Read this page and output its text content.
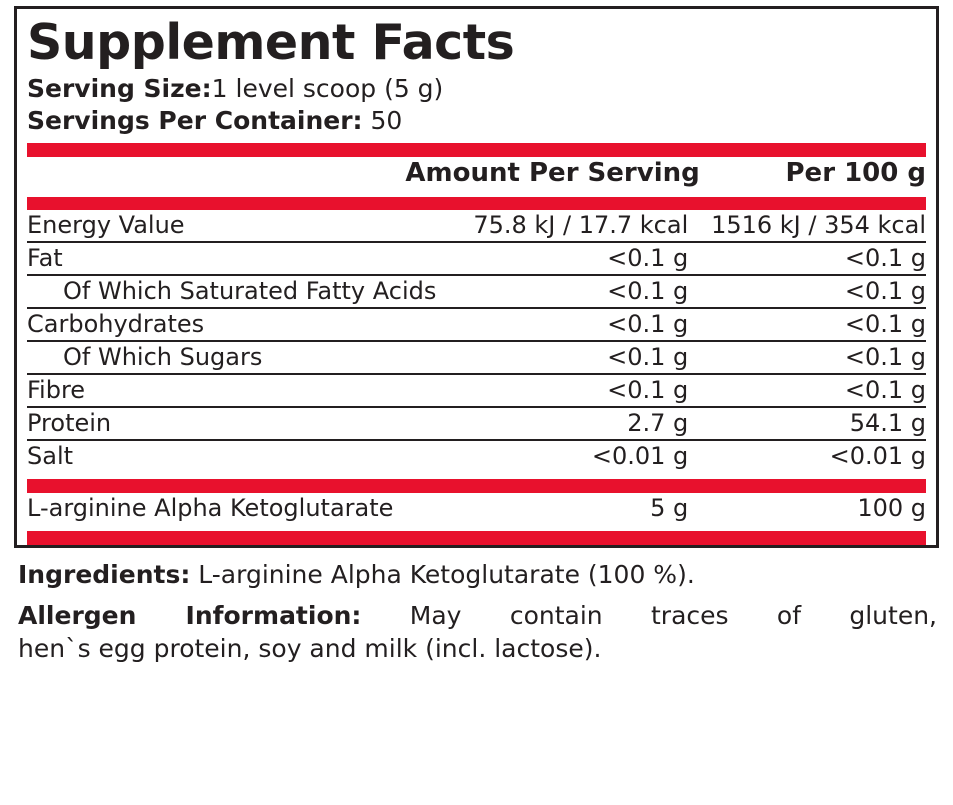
Supplement Facts
Serving Size:1 level scoop (5 g)
Servings Per Container: 50
	Amount Per Serving	Per 100 g
Energy Value	75.8 kJ / 17.7 kcal	1516 kJ / 354 kcal
Fat	<0.1 g	<0.1 g
Of Which Saturated Fatty Acids	<0.1 g	<0.1 g
Carbohydrates	<0.1 g	<0.1 g
Of Which Sugars	<0.1 g	<0.1 g
Fibre	<0.1 g	<0.1 g
Protein	2.7 g	54.1 g
Salt	<0.01 g	<0.01 g
L-arginine Alpha Ketoglutarate	5 g	100 g

Ingredients: L-arginine Alpha Ketoglutarate (100 %).

Allergen Information: May contain traces of gluten,
hen`s egg protein, soy and milk (incl. lactose).
